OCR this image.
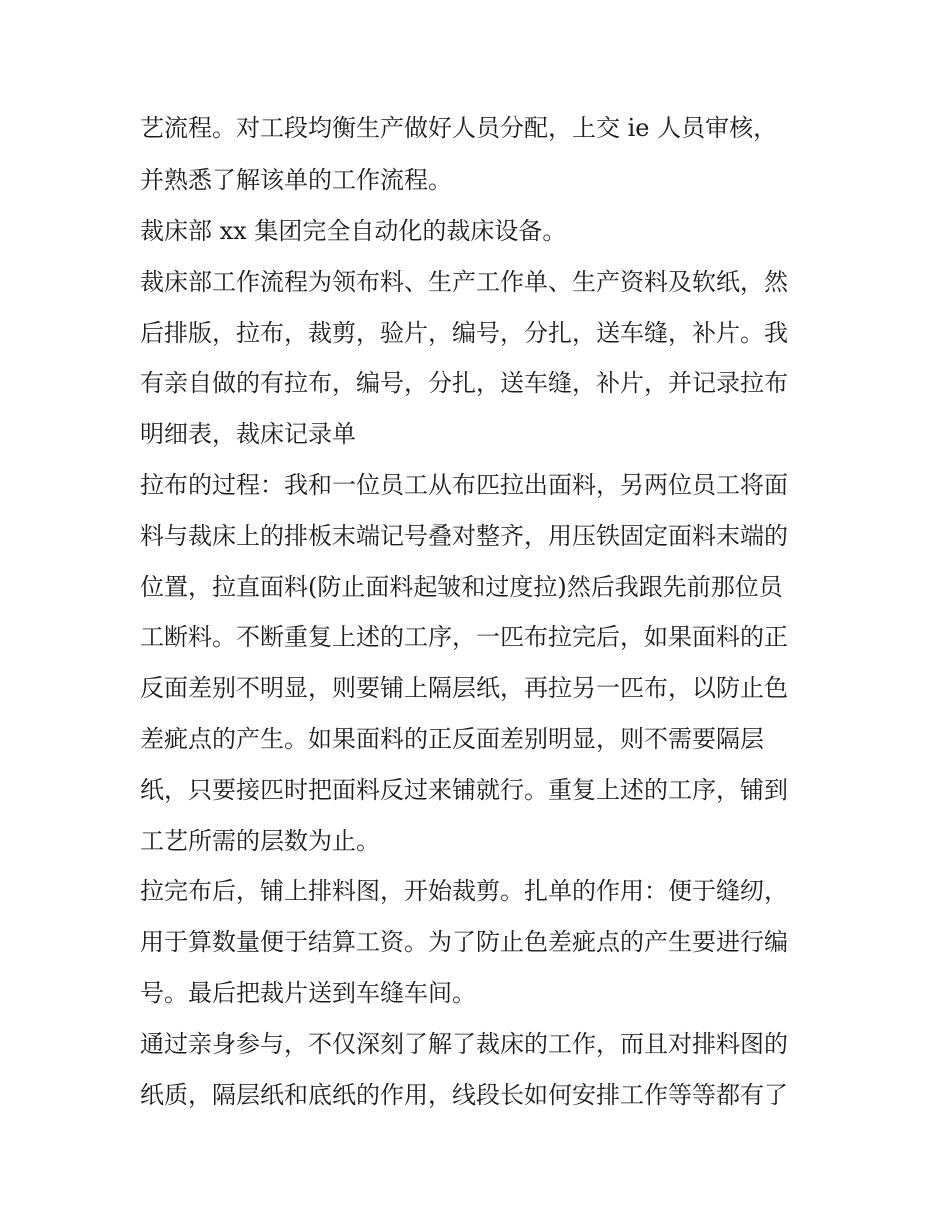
艺流程。对工段均衡生产做好人员分配，上交 ie 人员审核，
并熟悉了解该单的工作流程。
裁床部 xx 集团完全自动化的裁床设备。
裁床部工作流程为领布料、生产工作单、生产资料及软纸，然
后排版，拉布，裁剪，验片，编号，分扎，送车缝，补片。我
有亲自做的有拉布，编号，分扎，送车缝，补片，并记录拉布
明细表，裁床记录单
拉布的过程：我和一位员工从布匹拉出面料，另两位员工将面
料与裁床上的排板末端记号叠对整齐，用压铁固定面料末端的
位置，拉直面料(防止面料起皱和过度拉)然后我跟先前那位员
工断料。不断重复上述的工序，一匹布拉完后，如果面料的正
反面差别不明显，则要铺上隔层纸，再拉另一匹布，以防止色
差疵点的产生。如果面料的正反面差别明显，则不需要隔层
纸，只要接匹时把面料反过来铺就行。重复上述的工序，铺到
工艺所需的层数为止。
拉完布后，铺上排料图，开始裁剪。扎单的作用：便于缝纫，
用于算数量便于结算工资。为了防止色差疵点的产生要进行编
号。最后把裁片送到车缝车间。
通过亲身参与，不仅深刻了解了裁床的工作，而且对排料图的
纸质，隔层纸和底纸的作用，线段长如何安排工作等等都有了
